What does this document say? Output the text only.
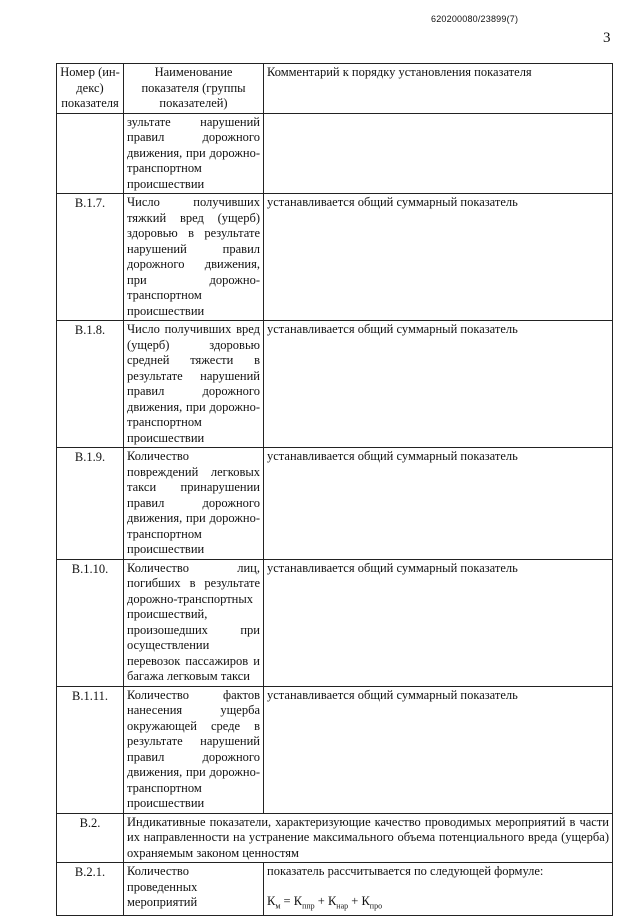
620200080/23899(7)
3
Номер (ин-декс) показателя	Наименование показателя (группы показателей)	Комментарий к порядку установления показателя
	зультате нарушений правил дорожного движения, при дорожно-транспортном происшествии	
В.1.7.	Число получивших тяжкий вред (ущерб) здоровью в результате нарушений правил дорожного движения, при дорожно-транспортном происшествии	устанавливается общий суммарный показатель
В.1.8.	Число получивших вред (ущерб) здоровью средней тяжести в результате нарушений правил дорожного движения, при дорожно-транспортном происшествии	устанавливается общий суммарный показатель
В.1.9.	Количество повреждений легковых такси принарушении правил дорожного движения, при дорожно-транспортном происшествии	устанавливается общий суммарный показатель
В.1.10.	Количество лиц, погибших в результате дорожно-транспортных происшествий, произошедших при осуществлении перевозок пассажиров и багажа легковым такси	устанавливается общий суммарный показатель
В.1.11.	Количество фактов нанесения ущерба окружающей среде в результате нарушений правил дорожного движения, при дорожно-транспортном происшествии	устанавливается общий суммарный показатель
В.2.	Индикативные показатели, характеризующие качество проводимых мероприятий в части их направленности на устранение максимального объема потенциального вреда (ущерба) охраняемым законом ценностям	
В.2.1.	Количество проведенных мероприятий	показатель рассчитывается по следующей формуле:
$К_м = К_{ппр} + К_{нар} + К_{про}$
